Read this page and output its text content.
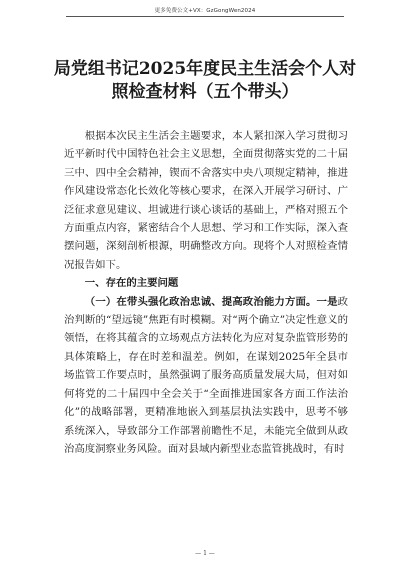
更多免费公文+VX：GzGongWen2024
局党组书记2025年度民主生活会个人对
照检查材料（五个带头）

根据本次民主生活会主题要求，本人紧扣深入学习贯彻习近平新时代中国特色社会主义思想，全面贯彻落实党的二十届三中、四中全会精神，锲而不舍落实中央八项规定精神，推进作风建设常态化长效化等核心要求，在深入开展学习研讨、广泛征求意见建议、坦诚进行谈心谈话的基础上，严格对照五个方面重点内容，紧密结合个人思想、学习和工作实际，深入查摆问题，深刻剖析根源，明确整改方向。现将个人对照检查情况报告如下。

一、存在的主要问题

（一）在带头强化政治忠诚、提高政治能力方面。一是政治判断的“望远镜”焦距有时模糊。对“两个确立”决定性意义的领悟，在将其蕴含的立场观点方法转化为应对复杂监管形势的具体策略上，存在时差和温差。例如，在谋划2025年全县市场监管工作要点时，虽然强调了服务高质量发展大局，但对如何将党的二十届四中全会关于“全面推进国家各方面工作法治化”的战略部署，更精准地嵌入到基层执法实践中，思考不够系统深入，导致部分工作部署前瞻性不足，未能完全做到从政治高度洞察业务风险。面对县域内新型业态监管挑战时，有时

— 1 —
